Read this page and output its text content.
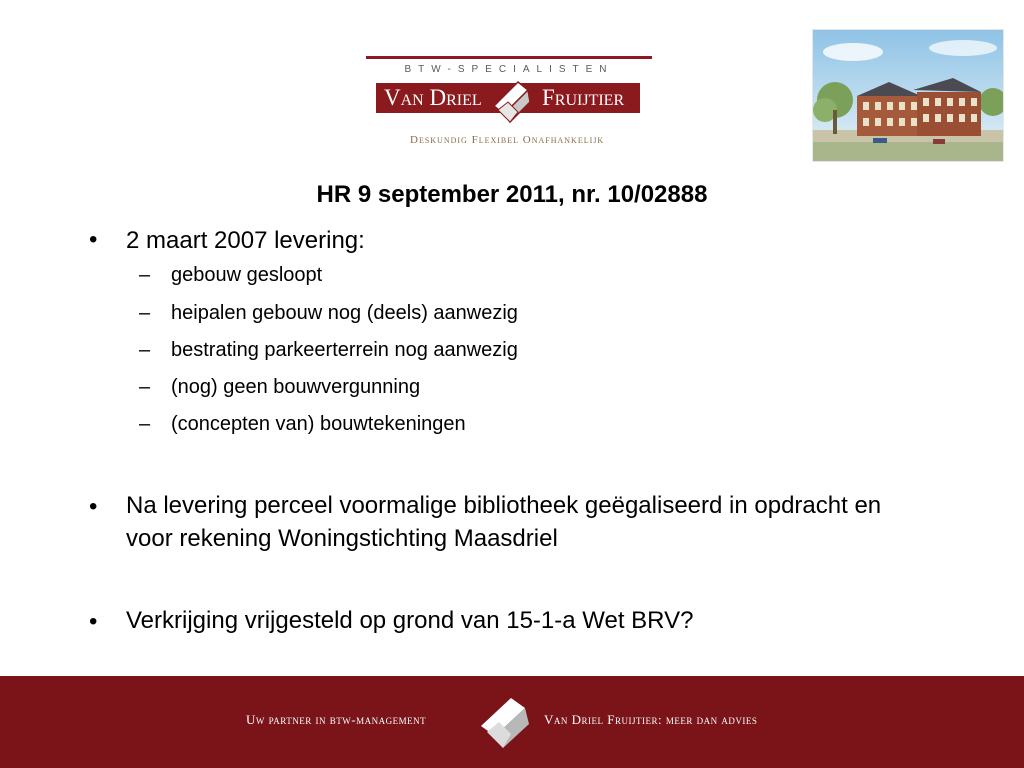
BTW-SPECIALISTEN
Van Driel	Fruijtier
Deskundig Flexibel Onafhankelijk
HR 9 september 2011, nr. 10/02888
• 2 maart 2007 levering:
– gebouw gesloopt
– heipalen gebouw nog (deels) aanwezig
– bestrating parkeerterrein nog aanwezig
– (nog) geen bouwvergunning
– (concepten van) bouwtekeningen
• Na levering perceel voormalige bibliotheek geëgaliseerd in opdracht en voor rekening Woningstichting Maasdriel
• Verkrijging vrijgesteld op grond van 15-1-a Wet BRV?
Uw partner in btw-management	Van Driel Fruijtier: meer dan advies
